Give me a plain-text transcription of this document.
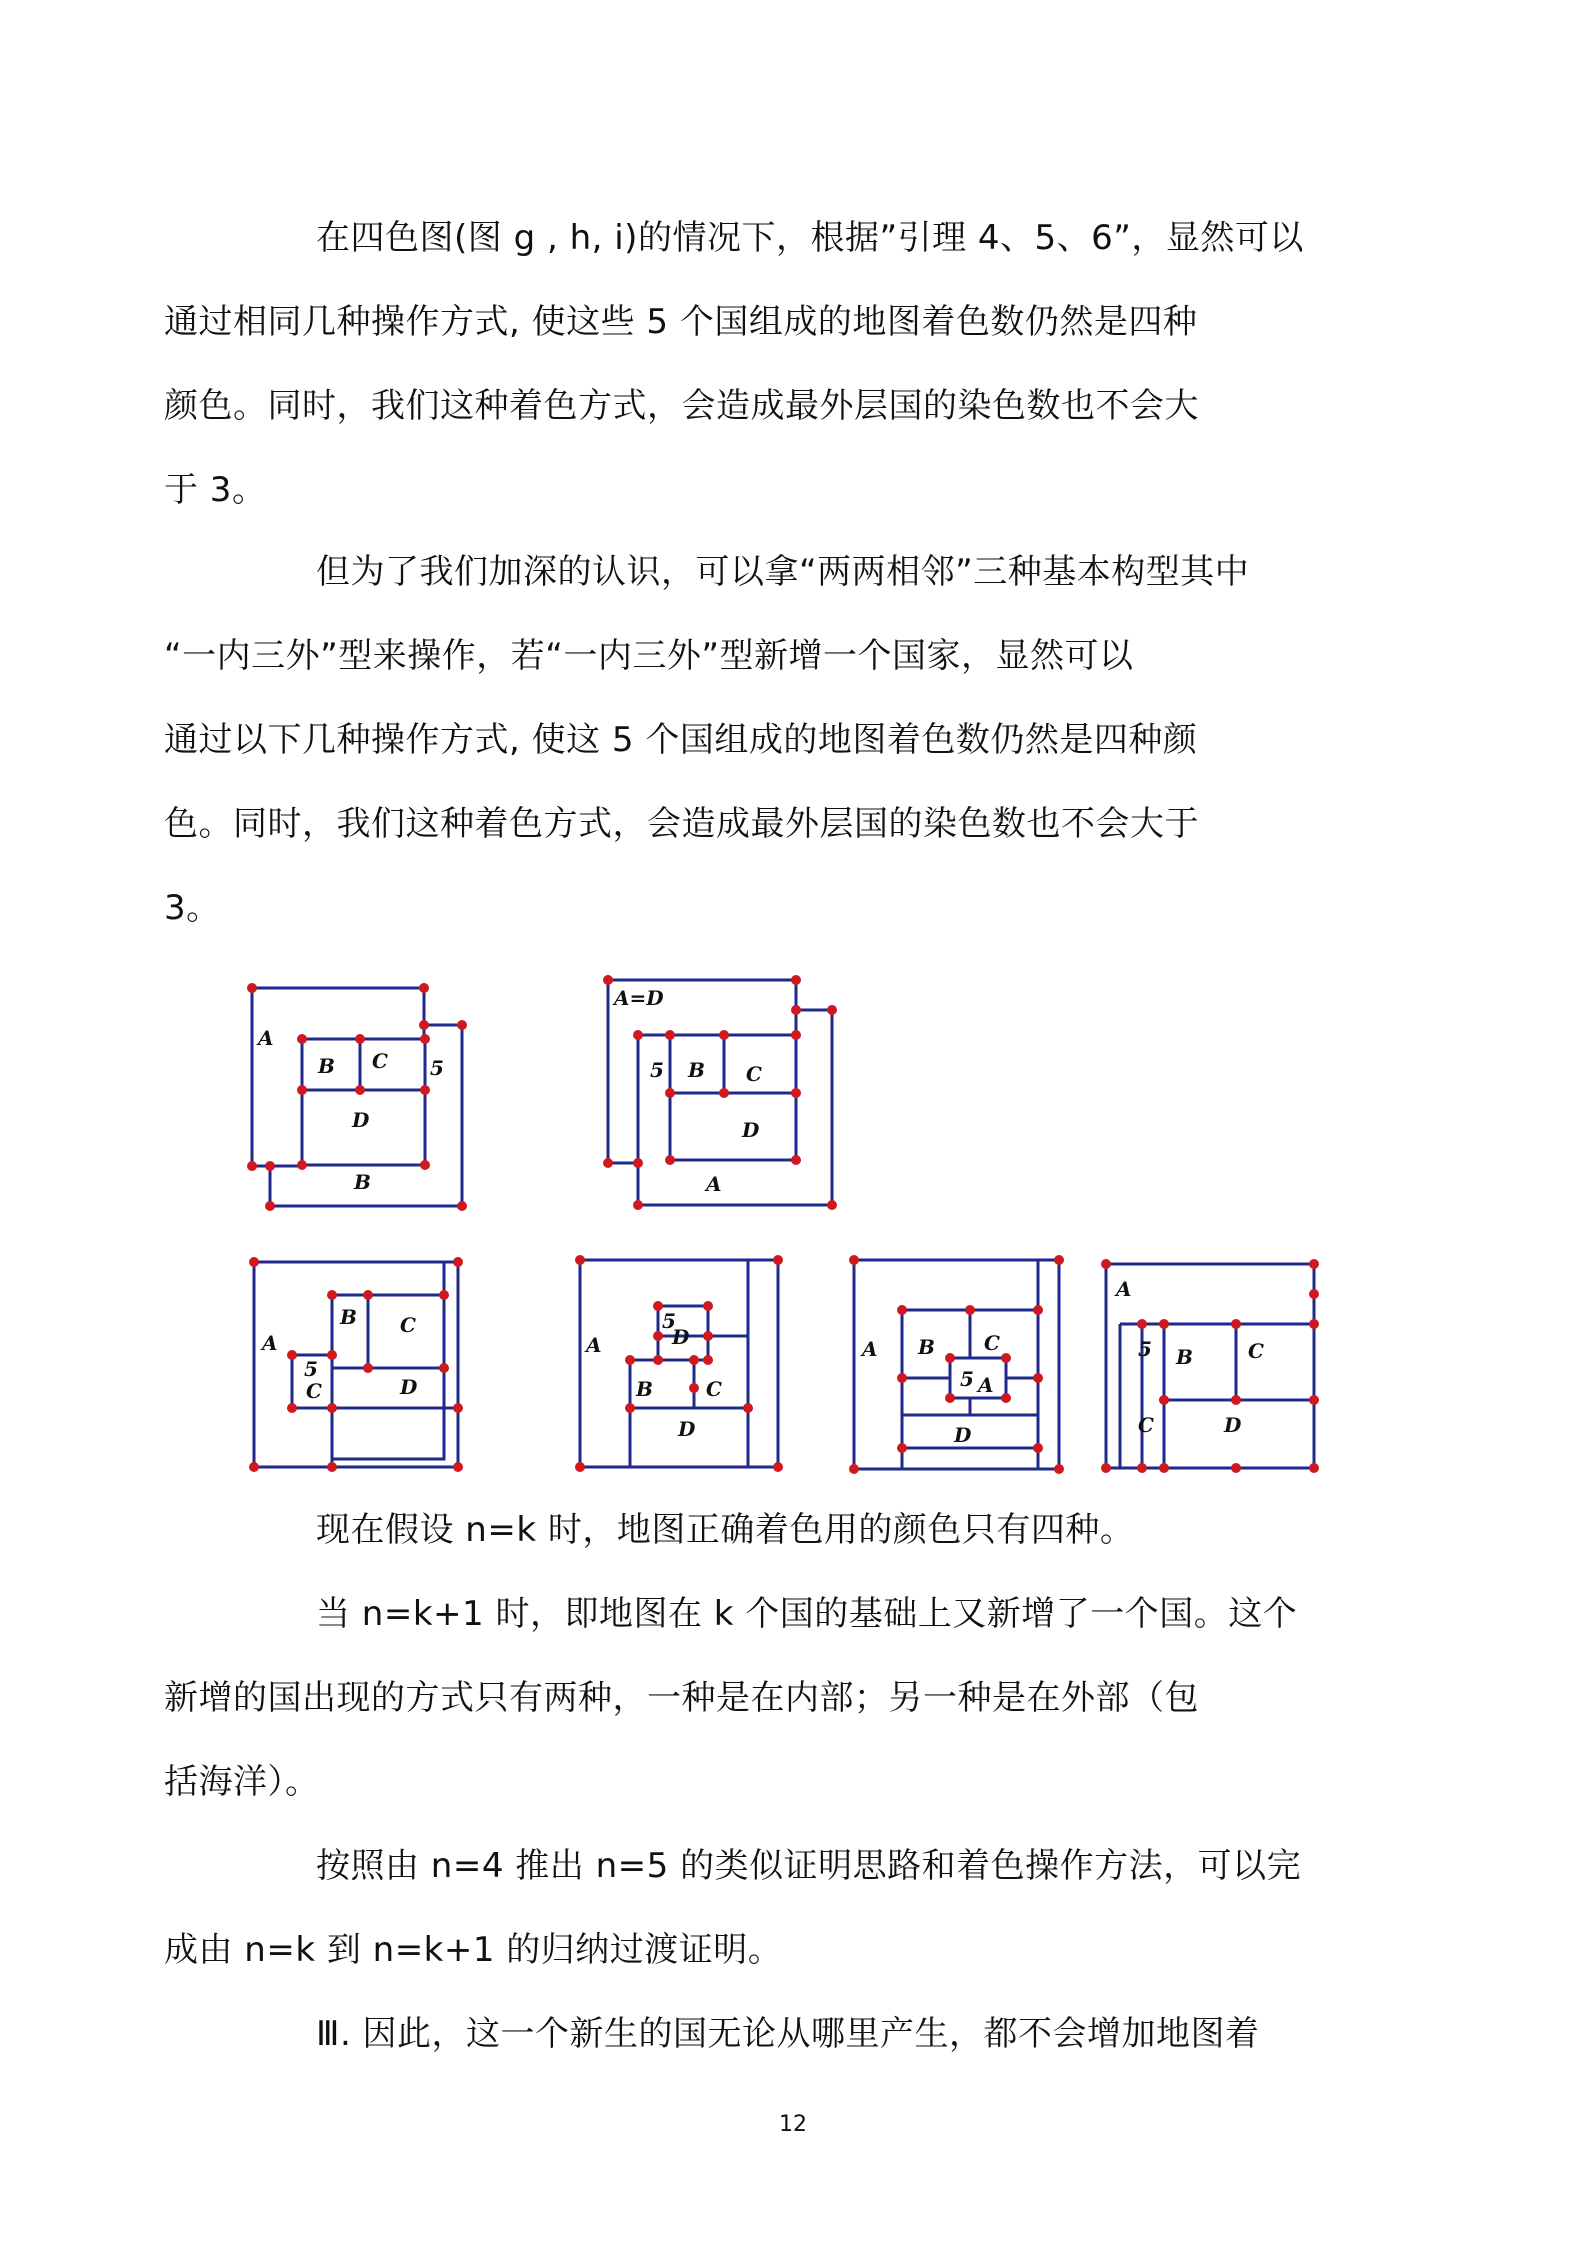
在四色图(图 g , h, i)的情况下，根据”引理 4、5、6”，显然可以
通过相同几种操作方式, 使这些 5 个国组成的地图着色数仍然是四种
颜色。同时，我们这种着色方式，会造成最外层国的染色数也不会大
于 3。

但为了我们加深的认识，可以拿“两两相邻”三种基本构型其中
“一内三外”型来操作，若“一内三外”型新增一个国家，显然可以
通过以下几种操作方式, 使这 5 个国组成的地图着色数仍然是四种颜
色。同时，我们这种着色方式，会造成最外层国的染色数也不会大于
3。

A
B C
D
5
B
A=D
5 B C
D
A
A
B C
5
C	D
A
5
D
B	C
D
A B C
5 A
D
A
5 B	C
C	D

现在假设 n=k 时，地图正确着色用的颜色只有四种。

当 n=k+1 时，即地图在 k 个国的基础上又新增了一个国。这个
新增的国出现的方式只有两种，一种是在内部；另一种是在外部（包
括海洋）。

按照由 n=4 推出 n=5 的类似证明思路和着色操作方法，可以完
成由 n=k 到 n=k+1 的归纳过渡证明。

Ⅲ. 因此，这一个新生的国无论从哪里产生，都不会增加地图着

12
